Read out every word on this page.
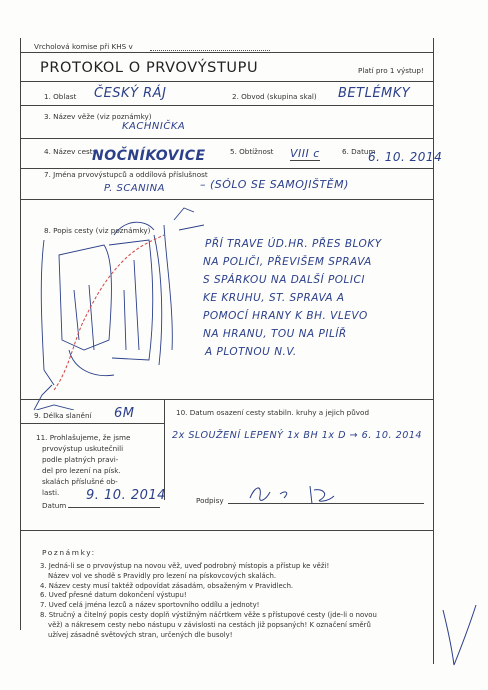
Vrcholová komise při KHS v
PROTOKOL O PRVOVÝSTUPU	Platí pro 1 výstup!
1. Oblast ČESKÝ RÁJ	2. Obvod (skupina skal) BETLÉMKY
3. Název věže (viz poznámky)
KACHNIČKA
4. Název cesty
NOČNÍKOVICE	5. Obtížnost VIII c	6. Datum
6. 10. 2014
7. Jména prvovýstupců a oddílová příslušnost
P. SCANINA	– (SÓLO SE SAMOJIŠTĚM)
8. Popis cesty (viz poznámky)
PŘÍ TRAVE ÚD.HR. PŘES BLOKY
NA POLIČI, PŘEVIŠEM SPRAVA
S SPÁRKOU NA DALŠÍ POLICI
KE KRUHU, ST. SPRAVA A
POMOCÍ HRANY K BH. VLEVO
NA HRANU, TOU NA PILÍŘ
A PLOTNOU N.V.
9. Délka slanění 6M	10. Datum osazení cesty stabiln. kruhy a jejich původ
2x SLOUŽENÍ LEPENÝ 1x BH 1x D → 6. 10. 2014
11. Prohlašujeme, že jsme
prvovýstup uskutečnili
podle platných pravi-
del pro lezení na písk.
skalách příslušné ob-
lasti.
Datum
9. 10. 2014	Podpisy
Poznámky:
3. Jedná-li se o prvovýstup na novou věž, uveď podrobný místopis a přístup ke věži!
Název vol ve shodě s Pravidly pro lezení na pískovcových skalách.
4. Název cesty musí taktéž odpovídat zásadám, obsaženým v Pravidlech.
6. Uveď přesné datum dokončení výstupu!
7. Uveď celá jména lezců a název sportovního oddílu a jednoty!
8. Stručný a čitelný popis cesty doplň výstižným náčrtkem věže s přístupové cesty (jde-li o novou
věž) a nákresem cesty nebo nástupu v závislosti na cestách již popsaných! K označení směrů
užívej zásadně světových stran, určených dle busoly!
